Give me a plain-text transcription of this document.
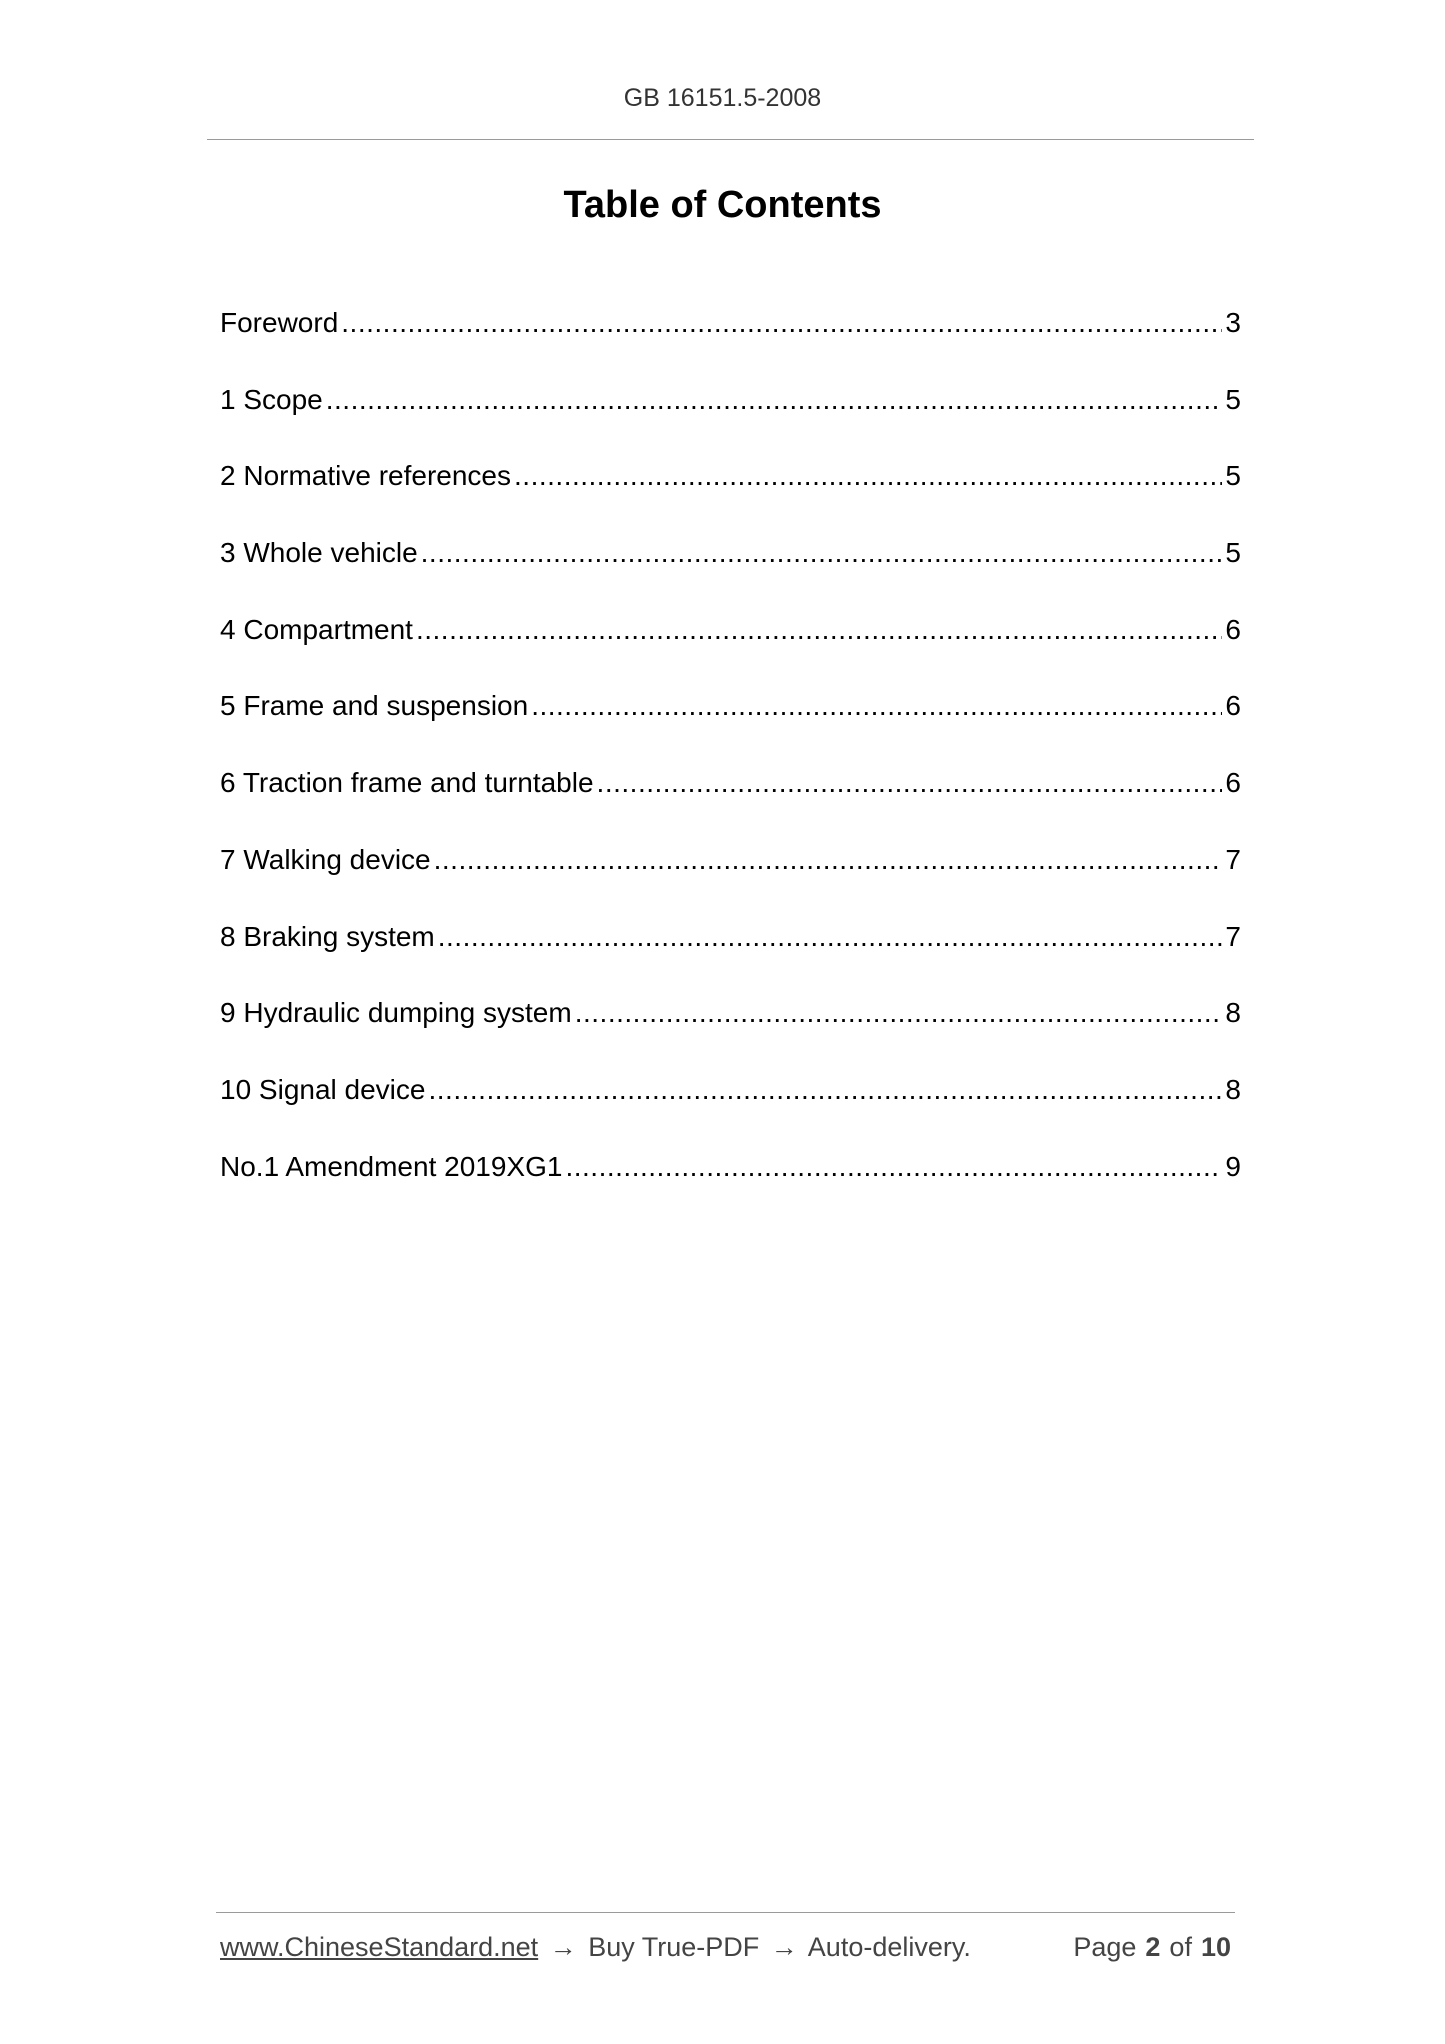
GB 16151.5-2008
Table of Contents
Foreword .....	3
1 Scope .....	5
2 Normative references .....	5
3 Whole vehicle .....	5
4 Compartment .....	6
5 Frame and suspension .....	6
6 Traction frame and turntable .....	6
7 Walking device .....	7
8 Braking system .....	7
9 Hydraulic dumping system .....	8
10 Signal device .....	8
No.1 Amendment 2019XG1 .....	9
www.ChineseStandard.net → Buy True-PDF → Auto-delivery.	Page 2 of 10
